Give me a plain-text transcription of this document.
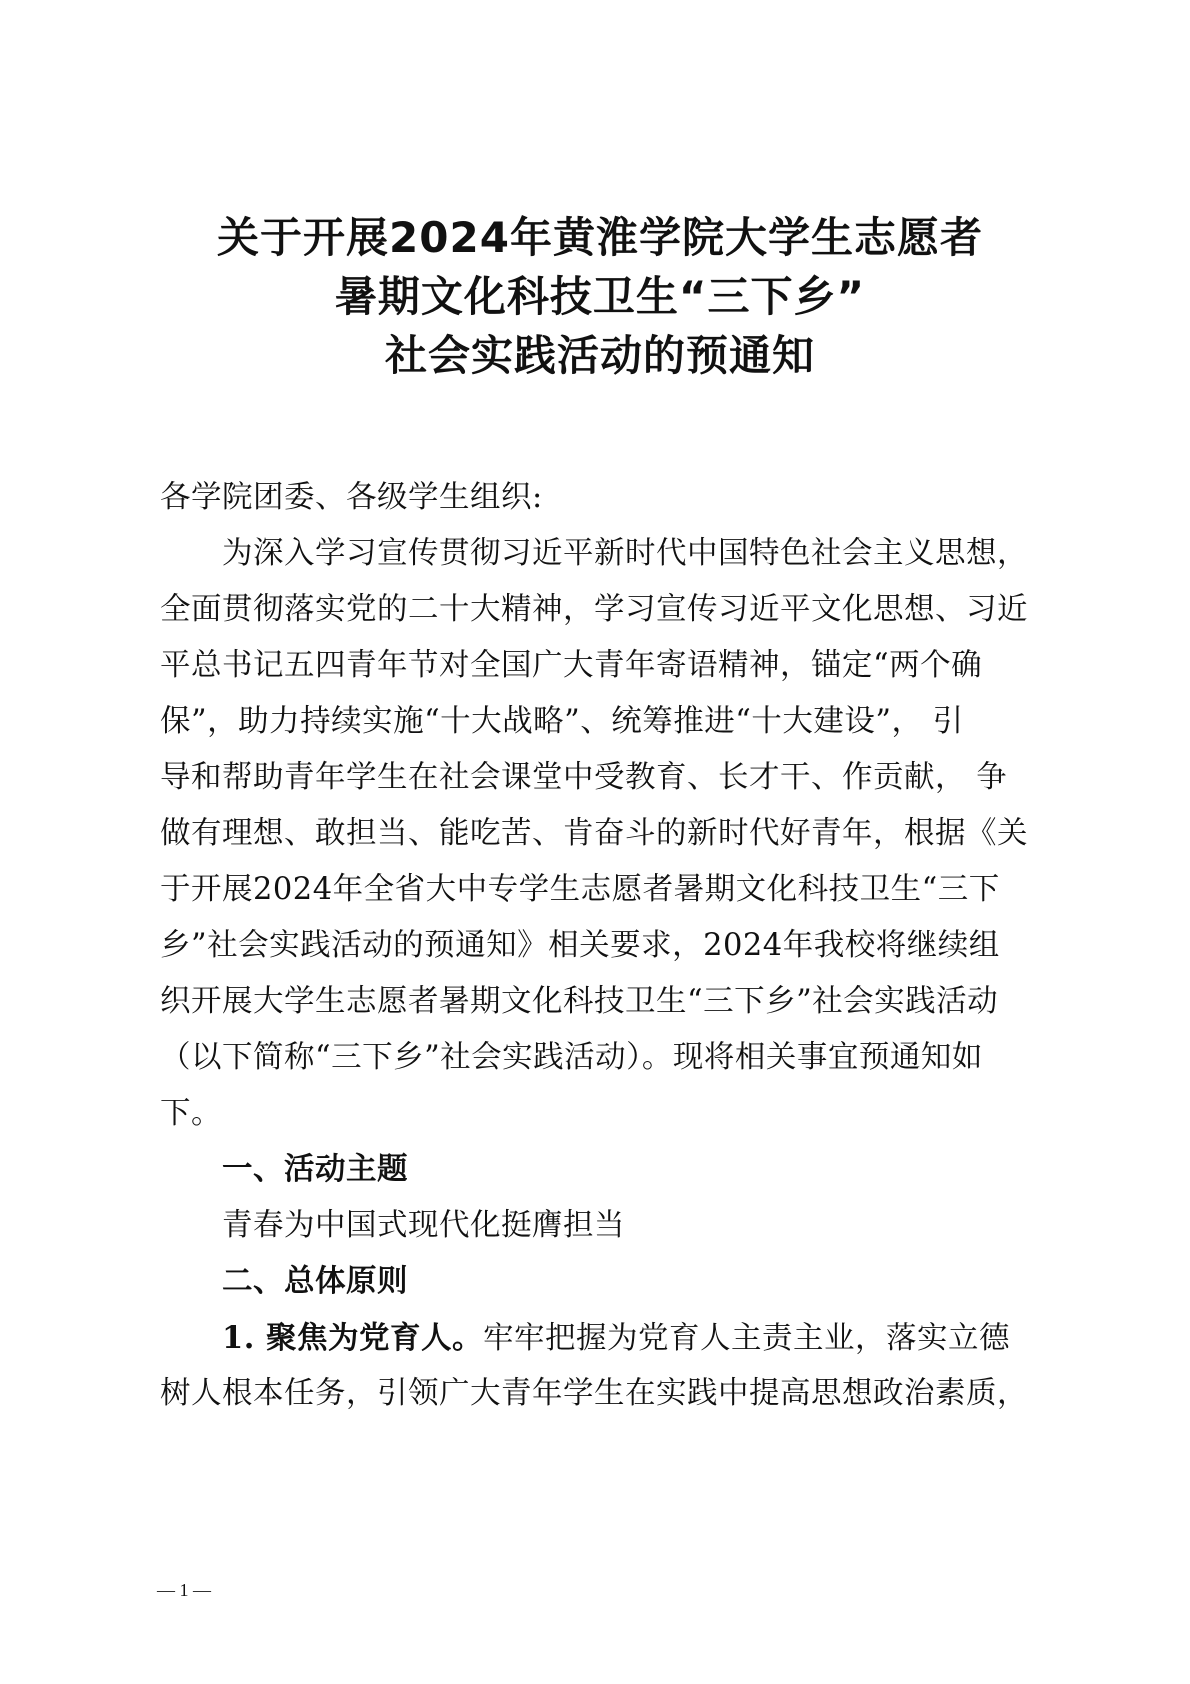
关于开展2024年黄淮学院大学生志愿者
暑期文化科技卫生“三下乡”
社会实践活动的预通知
各学院团委、各级学生组织:
为深入学习宣传贯彻习近平新时代中国特色社会主义思想，
全面贯彻落实党的二十大精神，学习宣传习近平文化思想、习近
平总书记五四青年节对全国广大青年寄语精神，锚定“两个确
保”，助力持续实施“十大战略”、统筹推进“十大建设”， 引
导和帮助青年学生在社会课堂中受教育、长才干、作贡献， 争
做有理想、敢担当、能吃苦、肯奋斗的新时代好青年，根据《关
于开展2024年全省大中专学生志愿者暑期文化科技卫生“三下
乡”社会实践活动的预通知》相关要求，2024年我校将继续组
织开展大学生志愿者暑期文化科技卫生“三下乡”社会实践活动
（以下简称“三下乡”社会实践活动）。现将相关事宜预通知如
下。
一、活动主题
青春为中国式现代化挺膺担当
二、总体原则
1. 聚焦为党育人。牢牢把握为党育人主责主业，落实立德
树人根本任务，引领广大青年学生在实践中提高思想政治素质，
— 1 —
